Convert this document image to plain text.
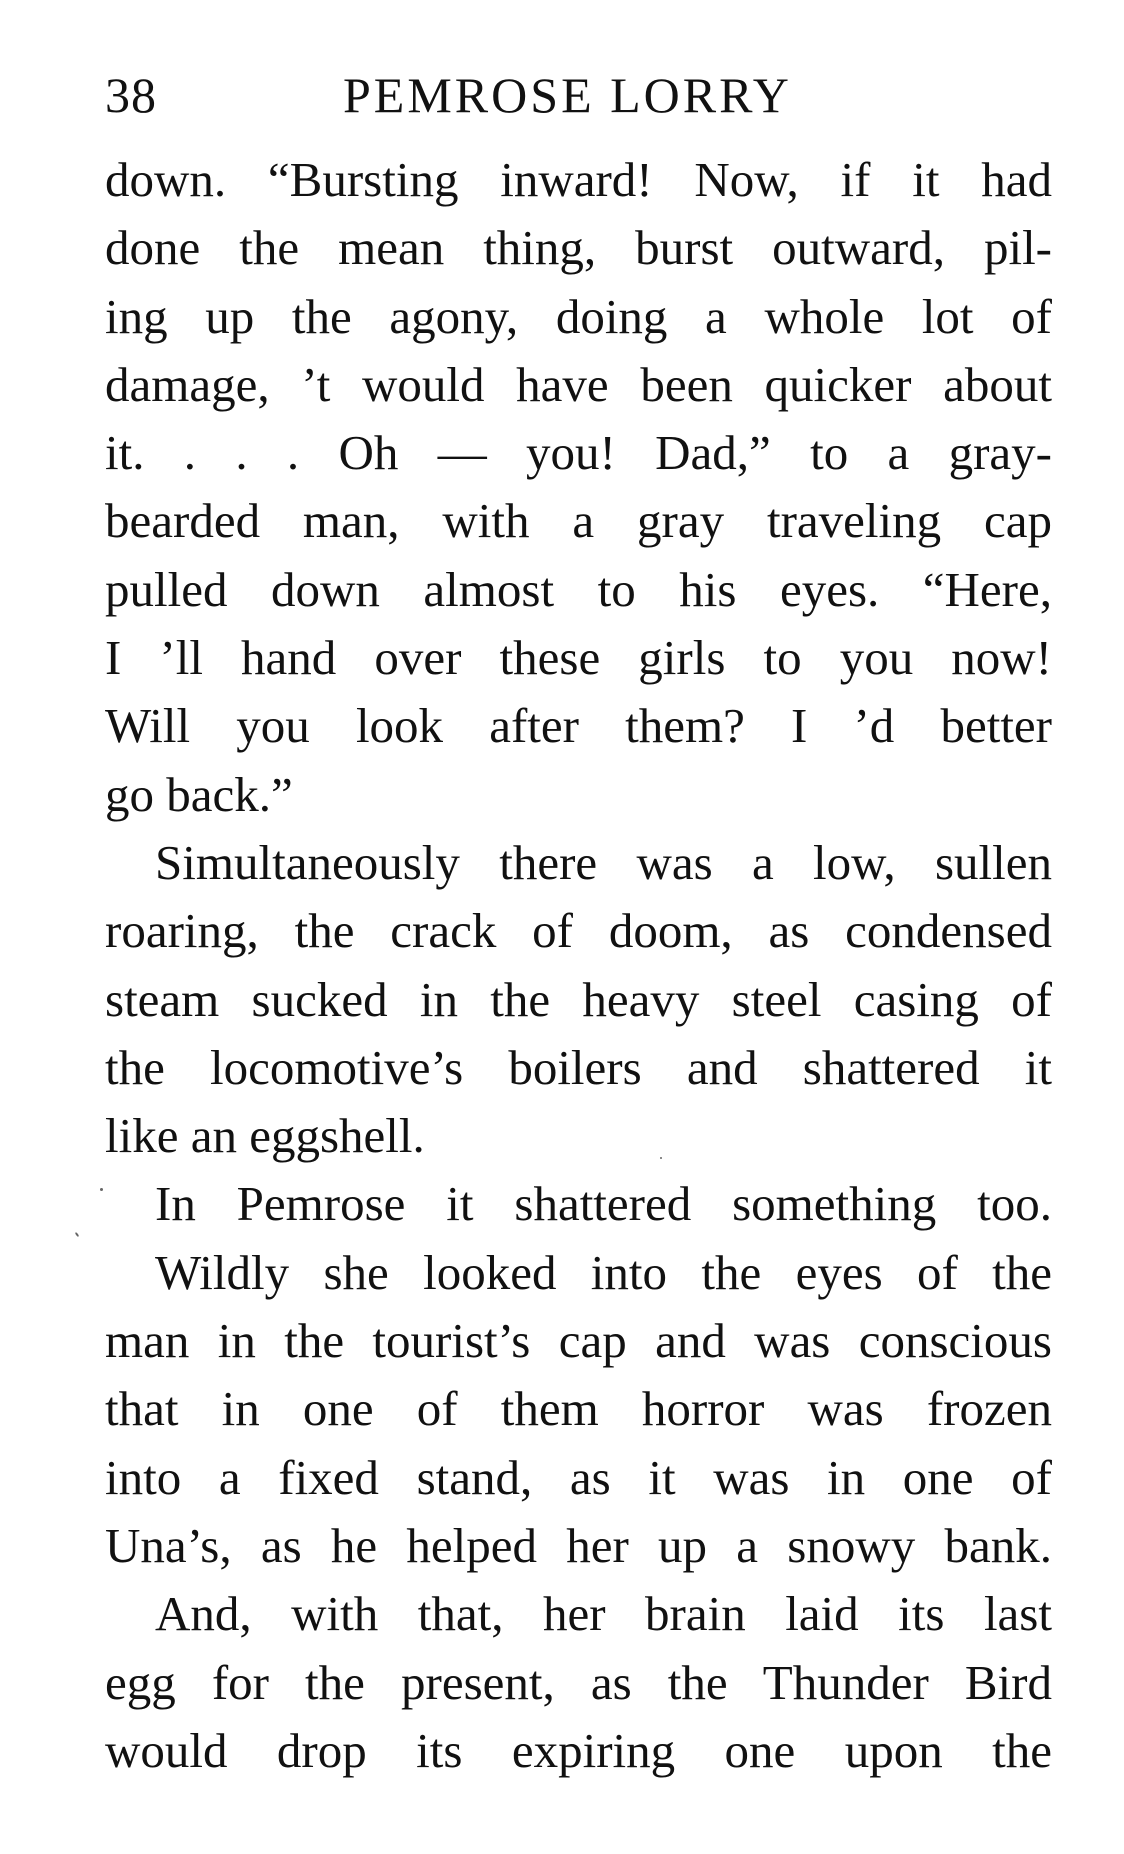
38	PEMROSE LORRY
down. “Bursting inward! Now, if it had
done the mean thing, burst outward, pil-
ing up the agony, doing a whole lot of
damage, ’t would have been quicker about
it. . . . Oh — you! Dad,” to a gray-
bearded man, with a gray traveling cap
pulled down almost to his eyes. “Here,
I ’ll hand over these girls to you now!
Will you look after them? I ’d better
go back.”
Simultaneously there was a low, sullen
roaring, the crack of doom, as condensed
steam sucked in the heavy steel casing of
the locomotive’s boilers and shattered it
like an eggshell.
In Pemrose it shattered something too.
Wildly she looked into the eyes of the
man in the tourist’s cap and was conscious
that in one of them horror was frozen
into a fixed stand, as it was in one of
Una’s, as he helped her up a snowy bank.
And, with that, her brain laid its last
egg for the present, as the Thunder Bird
would drop its expiring one upon the
